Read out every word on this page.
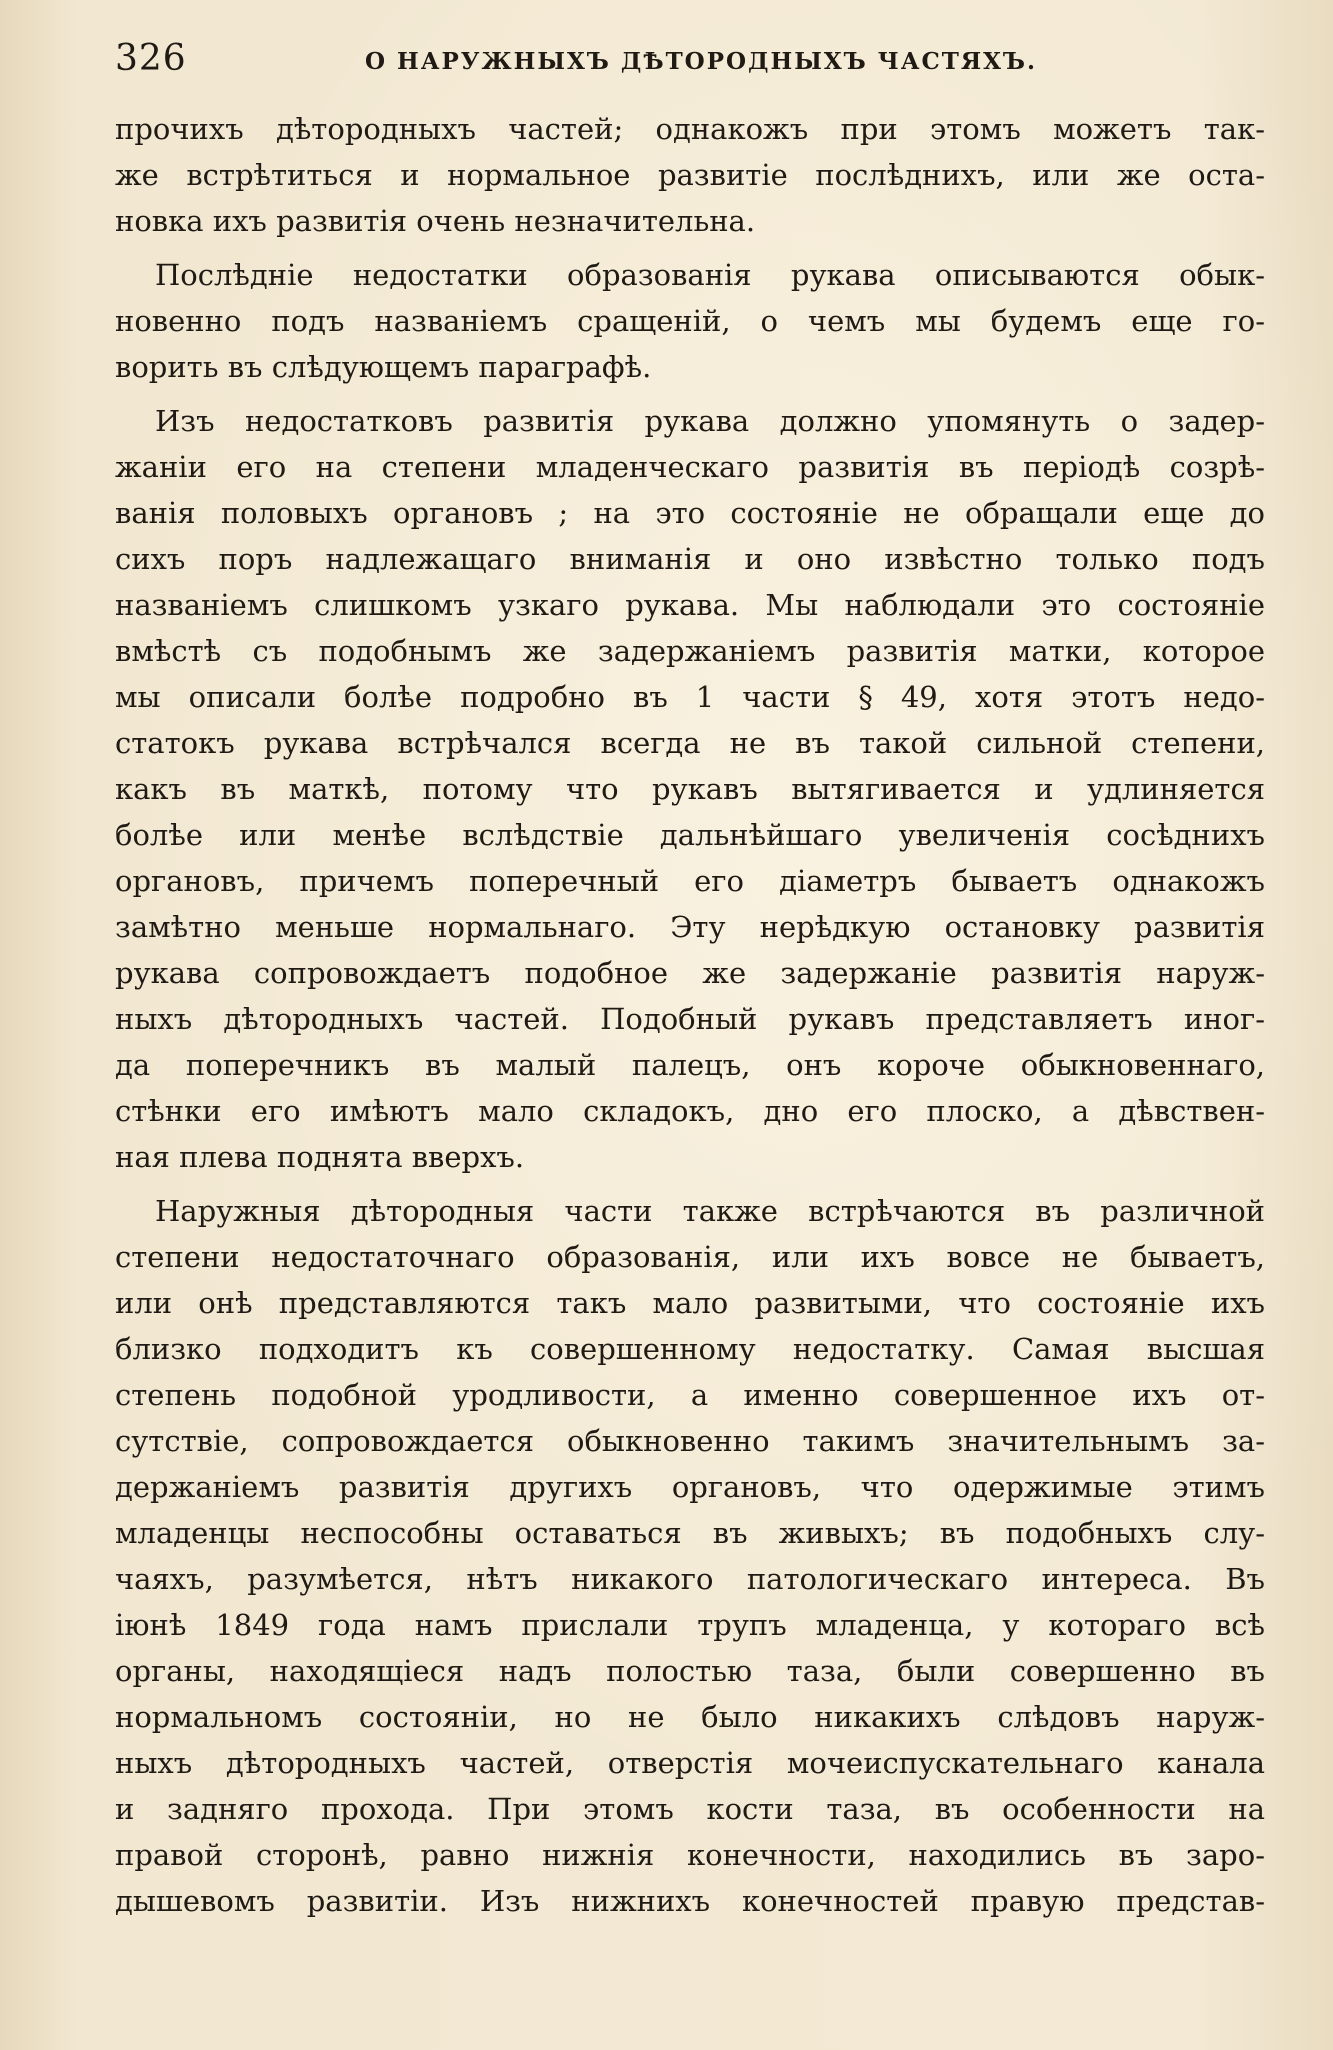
326	О НАРУЖНЫХЪ ДѢТОРОДНЫХЪ ЧАСТЯХЪ.
прочихъ дѣтородныхъ частей; однакожъ при этомъ можетъ так-
же встрѣтиться и нормальное развитіе послѣднихъ, или же оста-
новка ихъ развитія очень незначительна.
Послѣдніе недостатки образованія рукава описываются обык-
новенно подъ названіемъ сращеній, о чемъ мы будемъ еще го-
ворить въ слѣдующемъ параграфѣ.
Изъ недостатковъ развитія рукава должно упомянуть о задер-
жаніи его на степени младенческаго развитія въ періодѣ созрѣ-
ванія половыхъ органовъ ; на это состояніе не обращали еще до
сихъ поръ надлежащаго вниманія и оно извѣстно только подъ
названіемъ слишкомъ узкаго рукава. Мы наблюдали это состояніе
вмѣстѣ съ подобнымъ же задержаніемъ развитія матки, которое
мы описали болѣе подробно въ 1 части § 49, хотя этотъ недо-
статокъ рукава встрѣчался всегда не въ такой сильной степени,
какъ въ маткѣ, потому что рукавъ вытягивается и удлиняется
болѣе или менѣе вслѣдствіе дальнѣйшаго увеличенія сосѣднихъ
органовъ, причемъ поперечный его діаметръ бываетъ однакожъ
замѣтно меньше нормальнаго. Эту нерѣдкую остановку развитія
рукава сопровождаетъ подобное же задержаніе развитія наруж-
ныхъ дѣтородныхъ частей. Подобный рукавъ представляетъ иног-
да поперечникъ въ малый палецъ, онъ короче обыкновеннаго,
стѣнки его имѣютъ мало складокъ, дно его плоско, а дѣвствен-
ная плева поднята вверхъ.
Наружныя дѣтородныя части также встрѣчаются въ различной
степени недостаточнаго образованія, или ихъ вовсе не бываетъ,
или онѣ представляются такъ мало развитыми, что состояніе ихъ
близко подходитъ къ совершенному недостатку. Самая высшая
степень подобной уродливости, а именно совершенное ихъ от-
сутствіе, сопровождается обыкновенно такимъ значительнымъ за-
держаніемъ развитія другихъ органовъ, что одержимые этимъ
младенцы неспособны оставаться въ живыхъ; въ подобныхъ слу-
чаяхъ, разумѣется, нѣтъ никакого патологическаго интереса. Въ
іюнѣ 1849 года намъ прислали трупъ младенца, у котораго всѣ
органы, находящіеся надъ полостью таза, были совершенно въ
нормальномъ состояніи, но не было никакихъ слѣдовъ наруж-
ныхъ дѣтородныхъ частей, отверстія мочеиспускательнаго канала
и задняго прохода. При этомъ кости таза, въ особенности на
правой сторонѣ, равно нижнія конечности, находились въ заро-
дышевомъ развитіи. Изъ нижнихъ конечностей правую представ-
